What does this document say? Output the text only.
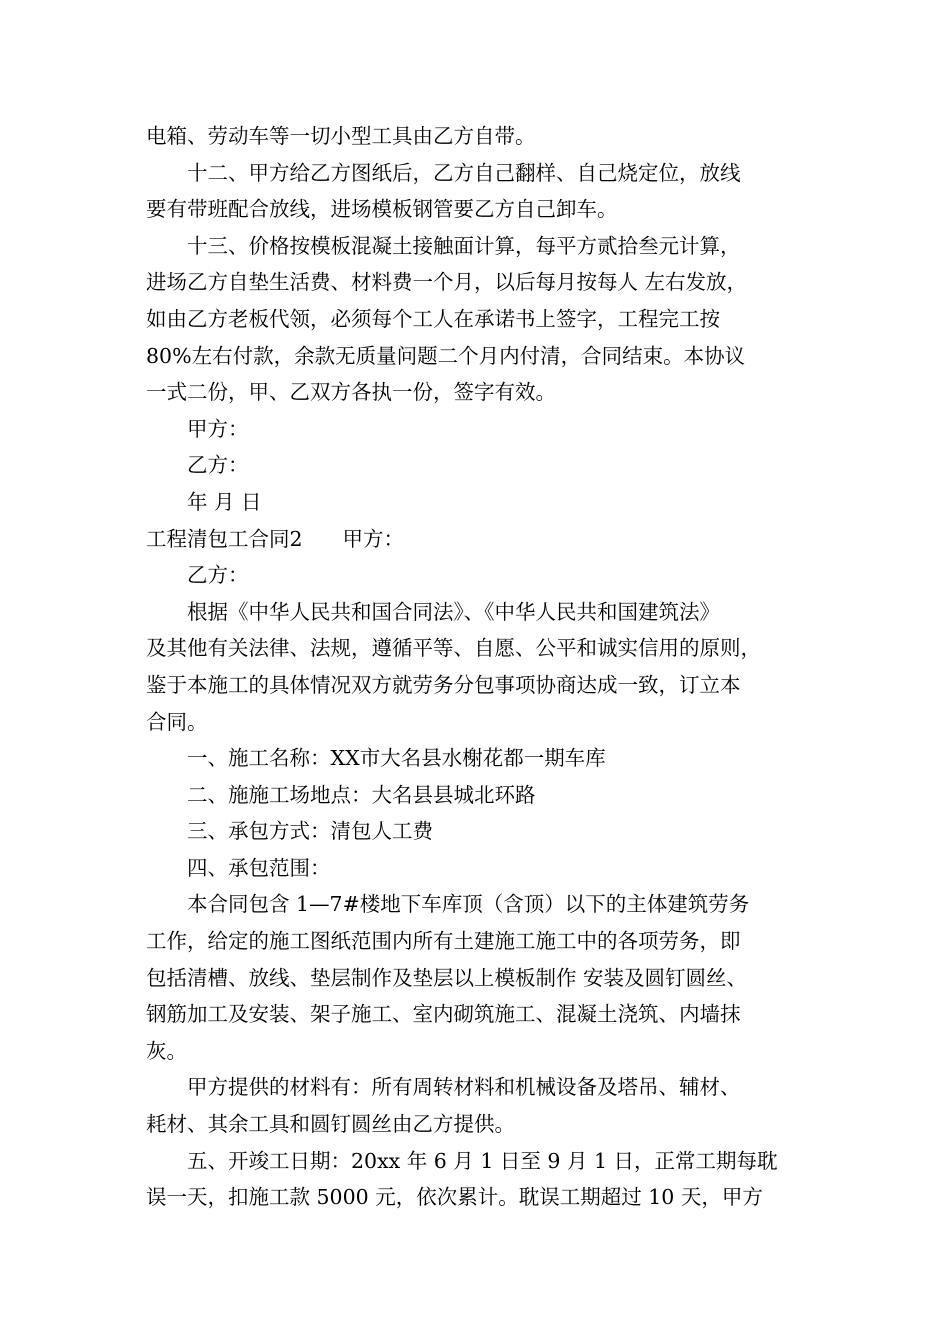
电箱、劳动车等一切小型工具由乙方自带。
十二、甲方给乙方图纸后，乙方自己翻样、自己烧定位，放线
要有带班配合放线，进场模板钢管要乙方自己卸车。
十三、价格按模板混凝土接触面计算，每平方贰拾叁元计算，
进场乙方自垫生活费、材料费一个月，以后每月按每人 左右发放，
如由乙方老板代领，必须每个工人在承诺书上签字，工程完工按
80%左右付款，余款无质量问题二个月内付清，合同结束。本协议
一式二份，甲、乙双方各执一份，签字有效。
甲方：
乙方：
年 月 日
工程清包工合同2 甲方：
乙方：
根据《中华人民共和国合同法》、《中华人民共和国建筑法》
及其他有关法律、法规，遵循平等、自愿、公平和诚实信用的原则，
鉴于本施工的具体情况双方就劳务分包事项协商达成一致，订立本
合同。
一、施工名称：XX市大名县水榭花都一期车库
二、施施工场地点：大名县县城北环路
三、承包方式：清包人工费
四、承包范围：
本合同包含 1—7#楼地下车库顶（含顶）以下的主体建筑劳务
工作，给定的施工图纸范围内所有土建施工施工中的各项劳务，即
包括清槽、放线、垫层制作及垫层以上模板制作 安装及圆钉圆丝、
钢筋加工及安装、架子施工、室内砌筑施工、混凝土浇筑、内墙抹
灰。
甲方提供的材料有：所有周转材料和机械设备及塔吊、辅材、
耗材、其余工具和圆钉圆丝由乙方提供。
五、开竣工日期：20xx 年 6 月 1 日至 9 月 1 日，正常工期每耽
误一天，扣施工款 5000 元，依次累计。耽误工期超过 10 天，甲方
